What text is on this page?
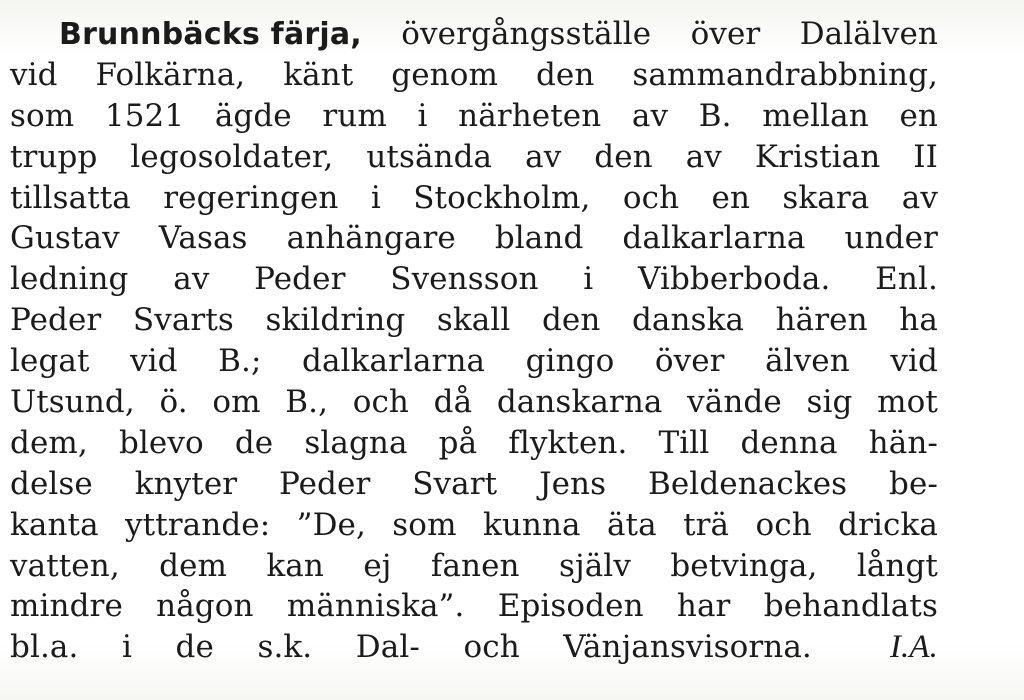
Brunnbäcks färja, övergångsställe över Dalälven
vid Folkärna, känt genom den sammandrabbning,
som 1521 ägde rum i närheten av B. mellan en
trupp legosoldater, utsända av den av Kristian II
tillsatta regeringen i Stockholm, och en skara av
Gustav Vasas anhängare bland dalkarlarna under
ledning av Peder Svensson i Vibberboda. Enl.
Peder Svarts skildring skall den danska hären ha
legat vid B.; dalkarlarna gingo över älven vid
Utsund, ö. om B., och då danskarna vände sig mot
dem, blevo de slagna på flykten. Till denna hän-
delse knyter Peder Svart Jens Beldenackes be-
kanta yttrande: ”De, som kunna äta trä och dricka
vatten, dem kan ej fanen själv betvinga, långt
mindre någon människa”. Episoden har behandlats
bl.a. i de s.k. Dal- och Vänjansvisorna. I.A.
